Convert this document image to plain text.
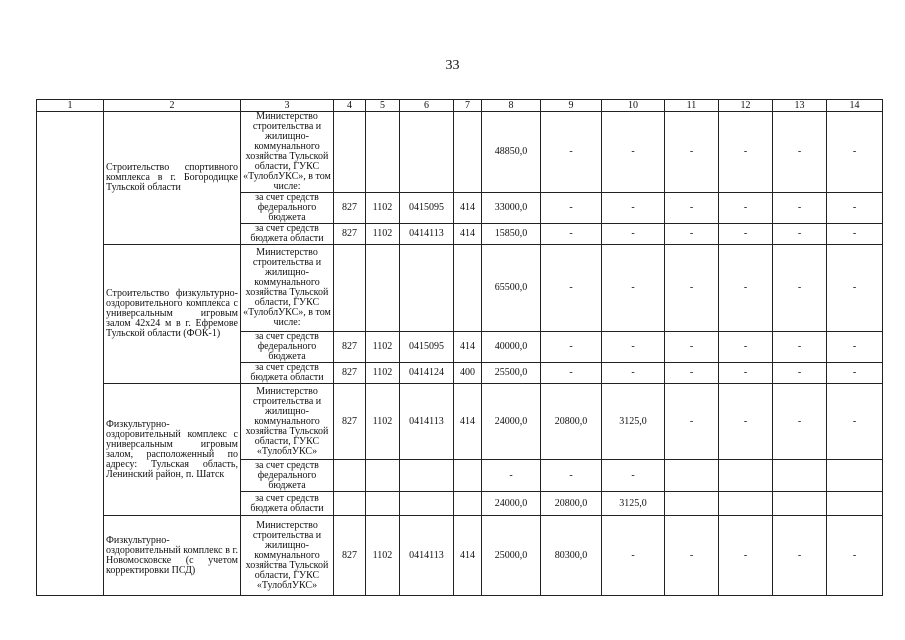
33
1	2	3	4	5	6	7	8	9	10	11	12	13	14
	Строительство спортивного комплекса в г. Богородицке Тульской области	Министерство строительства и жилищно-коммунального хозяйства Тульской области, ГУКС «ТулоблУКС», в том числе:					48850,0	-	-	-	-	-	-
		за счет средств федерального бюджета	827	1102	0415095	414	33000,0	-	-	-	-	-	-
		за счет средств бюджета области	827	1102	0414113	414	15850,0	-	-	-	-	-	-
	Строительство физкультурно-оздоровительного комплекса с универсальным игровым залом 42х24 м в г. Ефремове Тульской области (ФОК-1)	Министерство строительства и жилищно-коммунального хозяйства Тульской области, ГУКС «ТулоблУКС», в том числе:					65500,0	-	-	-	-	-	-
		за счет средств федерального бюджета	827	1102	0415095	414	40000,0	-	-	-	-	-	-
		за счет средств бюджета области	827	1102	0414124	400	25500,0	-	-	-	-	-	-
	Физкультурно-оздоровительный комплекс с универсальным игровым залом, расположенный по адресу: Тульская область, Ленинский район, п. Шатск	Министерство строительства и жилищно-коммунального хозяйства Тульской области, ГУКС «ТулоблУКС»	827	1102	0414113	414	24000,0	20800,0	3125,0	-	-	-	-
		за счет средств федерального бюджета					-	-	-				
		за счет средств бюджета области					24000,0	20800,0	3125,0				
	Физкультурно-оздоровительный комплекс в г. Новомосковске (с учетом корректировки ПСД)	Министерство строительства и жилищно-коммунального хозяйства Тульской области, ГУКС «ТулоблУКС»	827	1102	0414113	414	25000,0	80300,0	-	-	-	-	-
